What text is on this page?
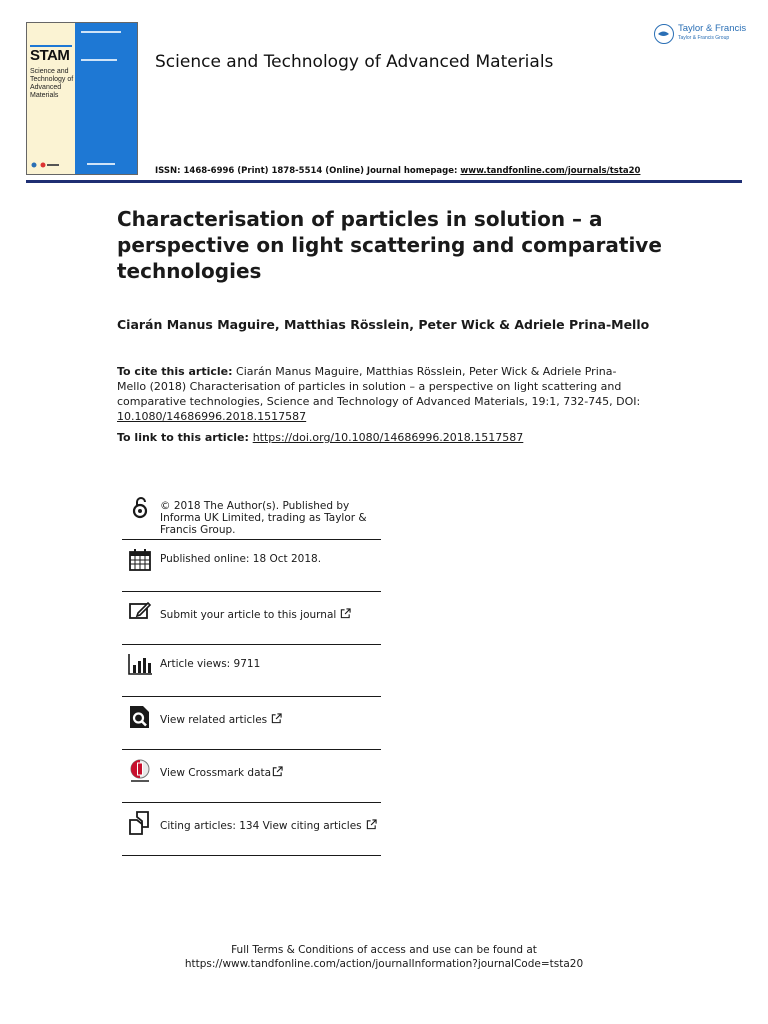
STAM
Science and Technology of Advanced Materials
Science and Technology of Advanced Materials
ISSN: 1468-6996 (Print) 1878-5514 (Online) Journal homepage: www.tandfonline.com/journals/tsta20
Taylor & Francis
Taylor & Francis Group
Characterisation of particles in solution – a perspective on light scattering and comparative technologies
Ciarán Manus Maguire, Matthias Rösslein, Peter Wick & Adriele Prina-Mello
To cite this article: Ciarán Manus Maguire, Matthias Rösslein, Peter Wick & Adriele Prina-Mello (2018) Characterisation of particles in solution – a perspective on light scattering and comparative technologies, Science and Technology of Advanced Materials, 19:1, 732-745, DOI: 10.1080/14686996.2018.1517587
To link to this article: https://doi.org/10.1080/14686996.2018.1517587
© 2018 The Author(s). Published by Informa UK Limited, trading as Taylor & Francis Group.
Published online: 18 Oct 2018.
Submit your article to this journal
Article views: 9711
View related articles
View Crossmark data
Citing articles: 134 View citing articles
Full Terms & Conditions of access and use can be found at
https://www.tandfonline.com/action/journalInformation?journalCode=tsta20
